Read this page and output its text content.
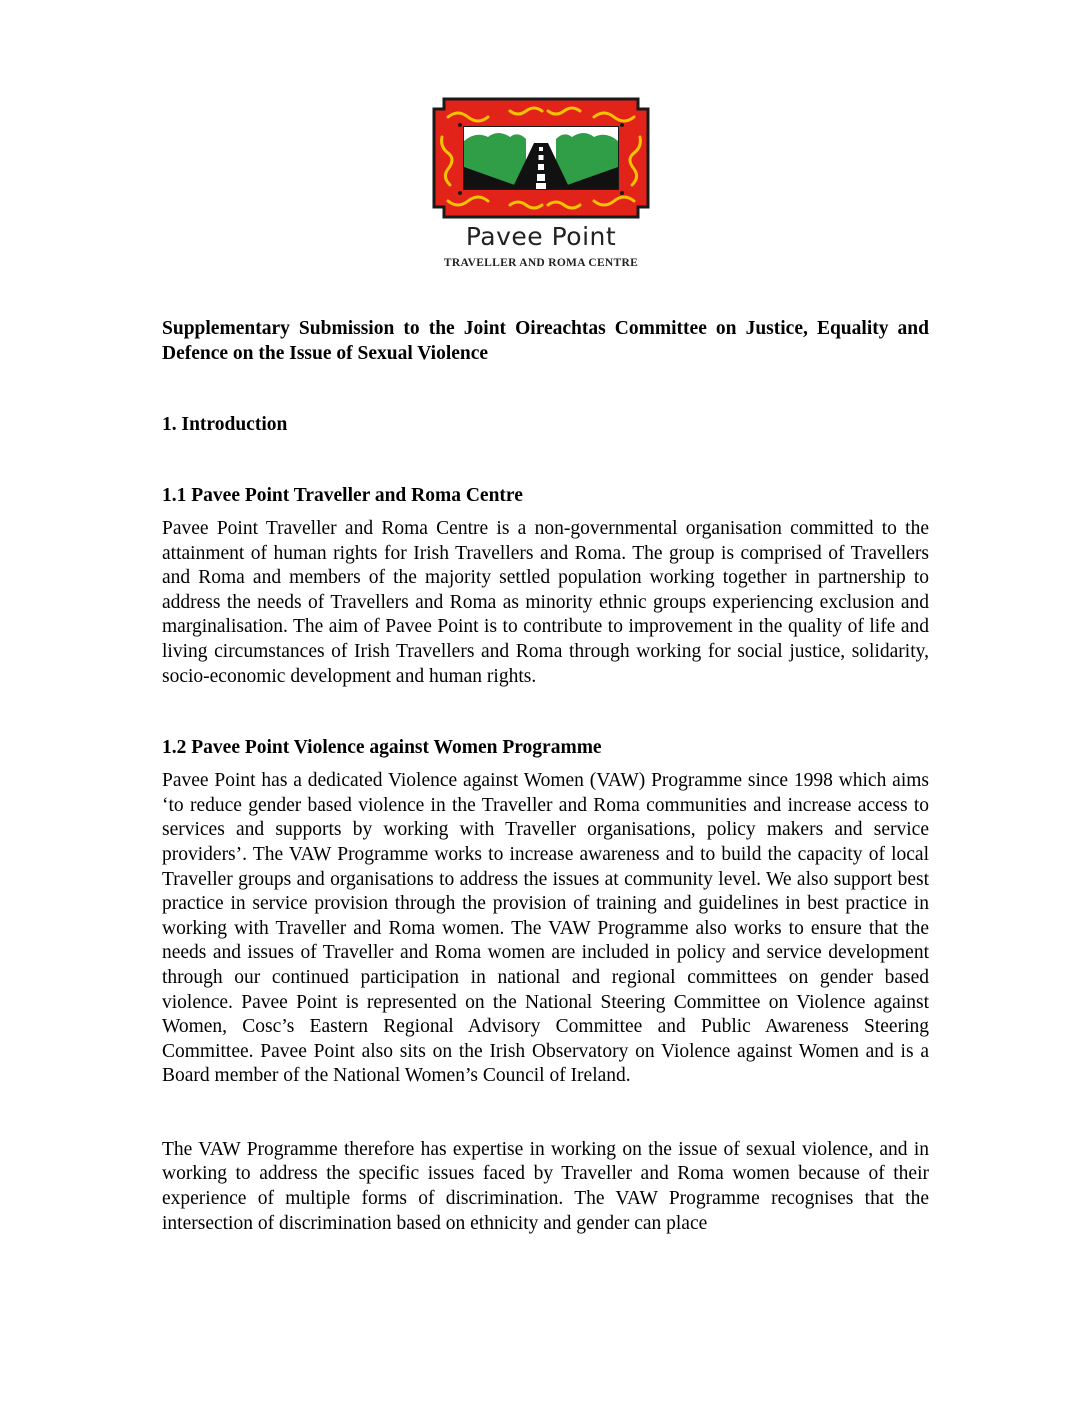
Pavee Point
TRAVELLER AND ROMA CENTRE

Supplementary Submission to the Joint Oireachtas Committee on Justice, Equality and Defence on the Issue of Sexual Violence

1. Introduction
1.1 Pavee Point Traveller and Roma Centre

Pavee Point Traveller and Roma Centre is a non-governmental organisation committed to the attainment of human rights for Irish Travellers and Roma. The group is comprised of Travellers and Roma and members of the majority settled population working together in partnership to address the needs of Travellers and Roma as minority ethnic groups experiencing exclusion and marginalisation. The aim of Pavee Point is to contribute to improvement in the quality of life and living circumstances of Irish Travellers and Roma through working for social justice, solidarity, socio-economic development and human rights.

1.2 Pavee Point Violence against Women Programme

Pavee Point has a dedicated Violence against Women (VAW) Programme since 1998 which aims ‘to reduce gender based violence in the Traveller and Roma communities and increase access to services and supports by working with Traveller organisations, policy makers and service providers’. The VAW Programme works to increase awareness and to build the capacity of local Traveller groups and organisations to address the issues at community level. We also support best practice in service provision through the provision of training and guidelines in best practice in working with Traveller and Roma women. The VAW Programme also works to ensure that the needs and issues of Traveller and Roma women are included in policy and service development through our continued participation in national and regional committees on gender based violence. Pavee Point is represented on the National Steering Committee on Violence against Women, Cosc’s Eastern Regional Advisory Committee and Public Awareness Steering Committee. Pavee Point also sits on the Irish Observatory on Violence against Women and is a Board member of the National Women’s Council of Ireland.

The VAW Programme therefore has expertise in working on the issue of sexual violence, and in working to address the specific issues faced by Traveller and Roma women because of their experience of multiple forms of discrimination. The VAW Programme recognises that the intersection of discrimination based on ethnicity and gender can place
